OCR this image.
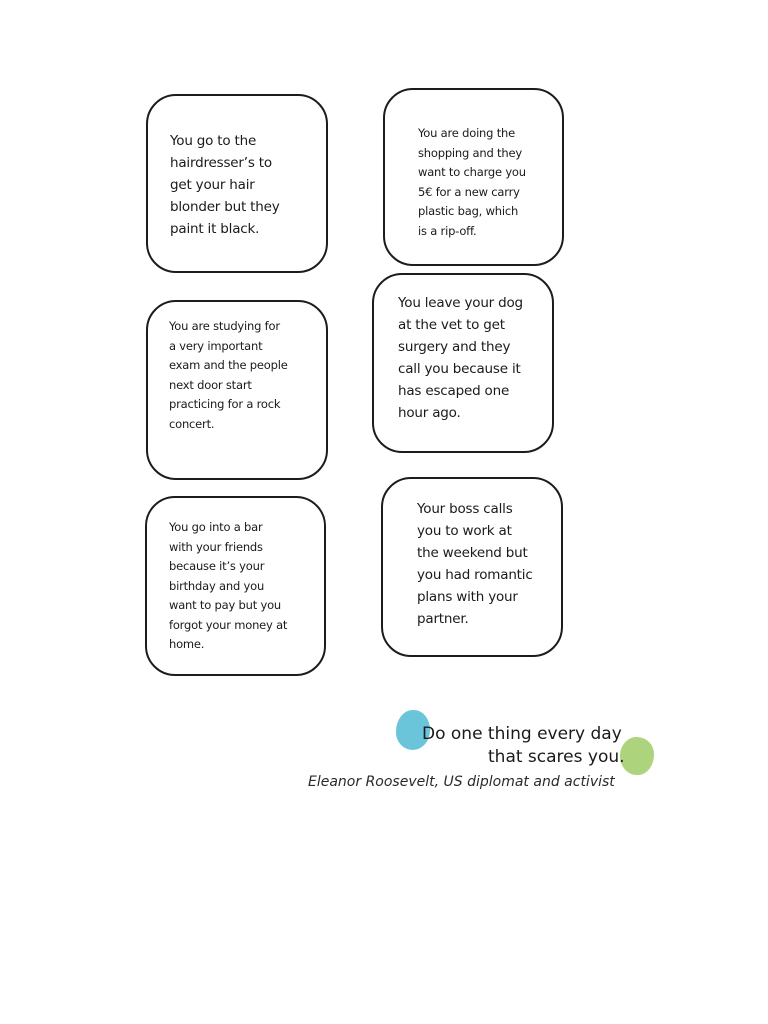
You go to the
hairdresser’s to
get your hair
blonder but they
paint it black.

You are doing the
shopping and they
want to charge you
5€ for a new carry
plastic bag, which
is a rip-off.

You are studying for
a very important
exam and the people
next door start
practicing for a rock
concert.

You leave your dog
at the vet to get
surgery and they
call you because it
has escaped one
hour ago.

You go into a bar
with your friends
because it’s your
birthday and you
want to pay but you
forgot your money at
home.

Your boss calls
you to work at
the weekend but
you had romantic
plans with your
partner.

Do one thing every day

that scares you.

Eleanor Roosevelt, US diplomat and activist
